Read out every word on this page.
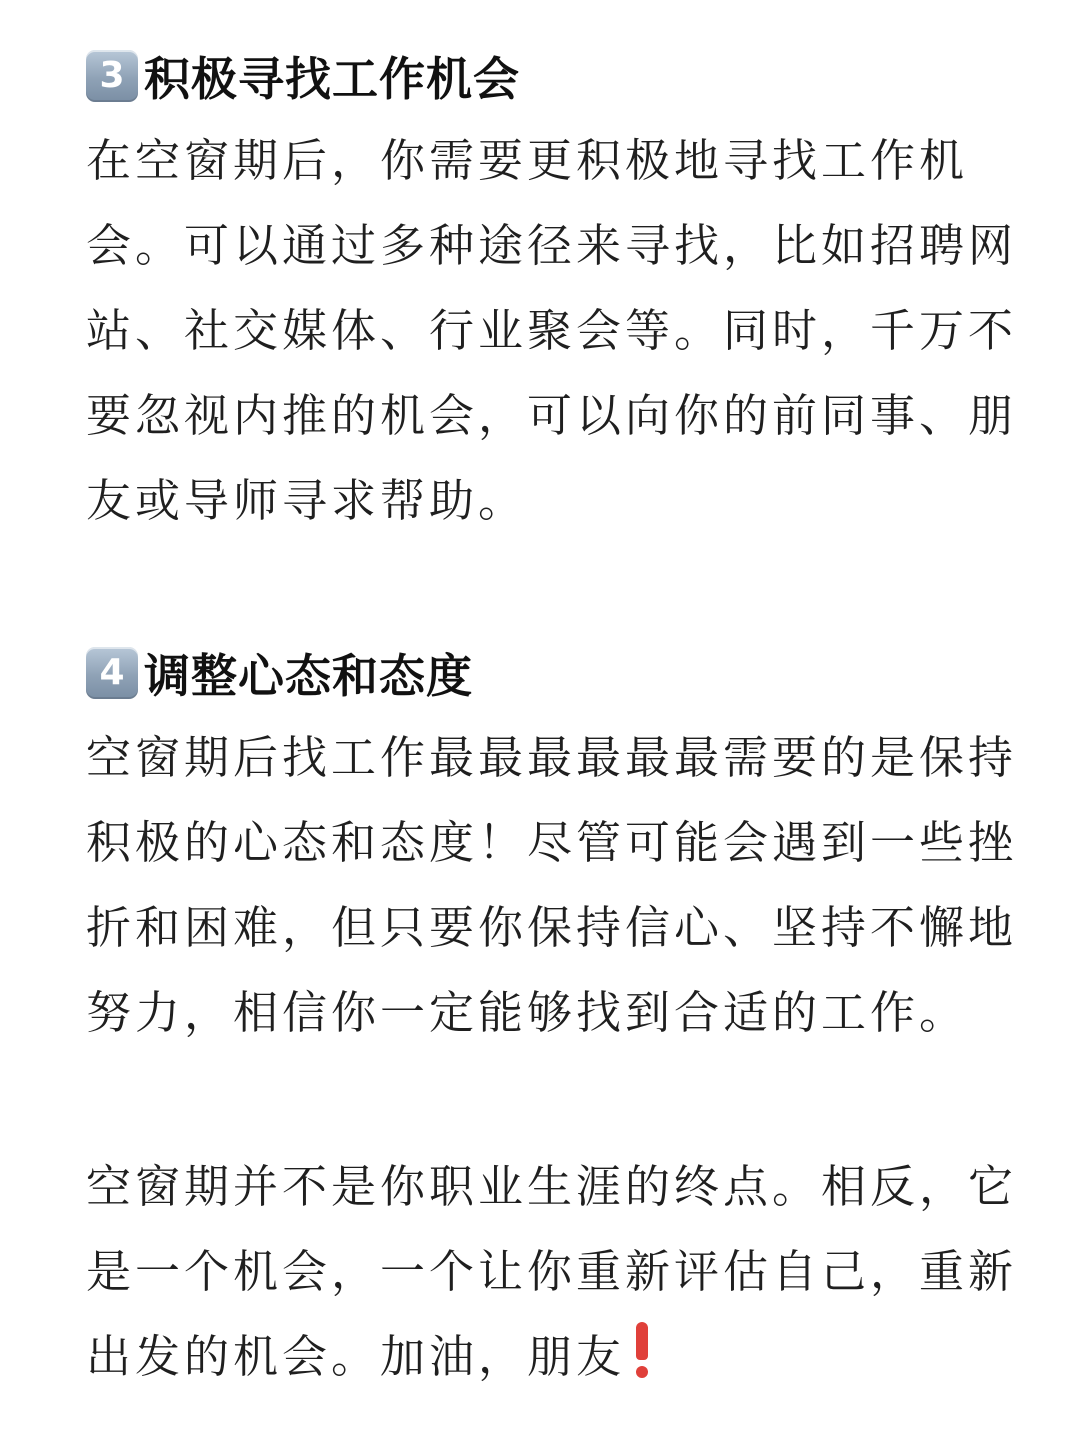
3 积极寻找工作机会

在空窗期后，你需要更积极地寻找工作机
会。可以通过多种途径来寻找，比如招聘网
站、社交媒体、行业聚会等。同时，千万不
要忽视内推的机会，可以向你的前同事、朋
友或导师寻求帮助。

4 调整心态和态度

空窗期后找工作最最最最最最需要的是保持
积极的心态和态度！尽管可能会遇到一些挫
折和困难，但只要你保持信心、坚持不懈地
努力，相信你一定能够找到合适的工作。

空窗期并不是你职业生涯的终点。相反，它
是一个机会，一个让你重新评估自己，重新
出发的机会。加油，朋友
